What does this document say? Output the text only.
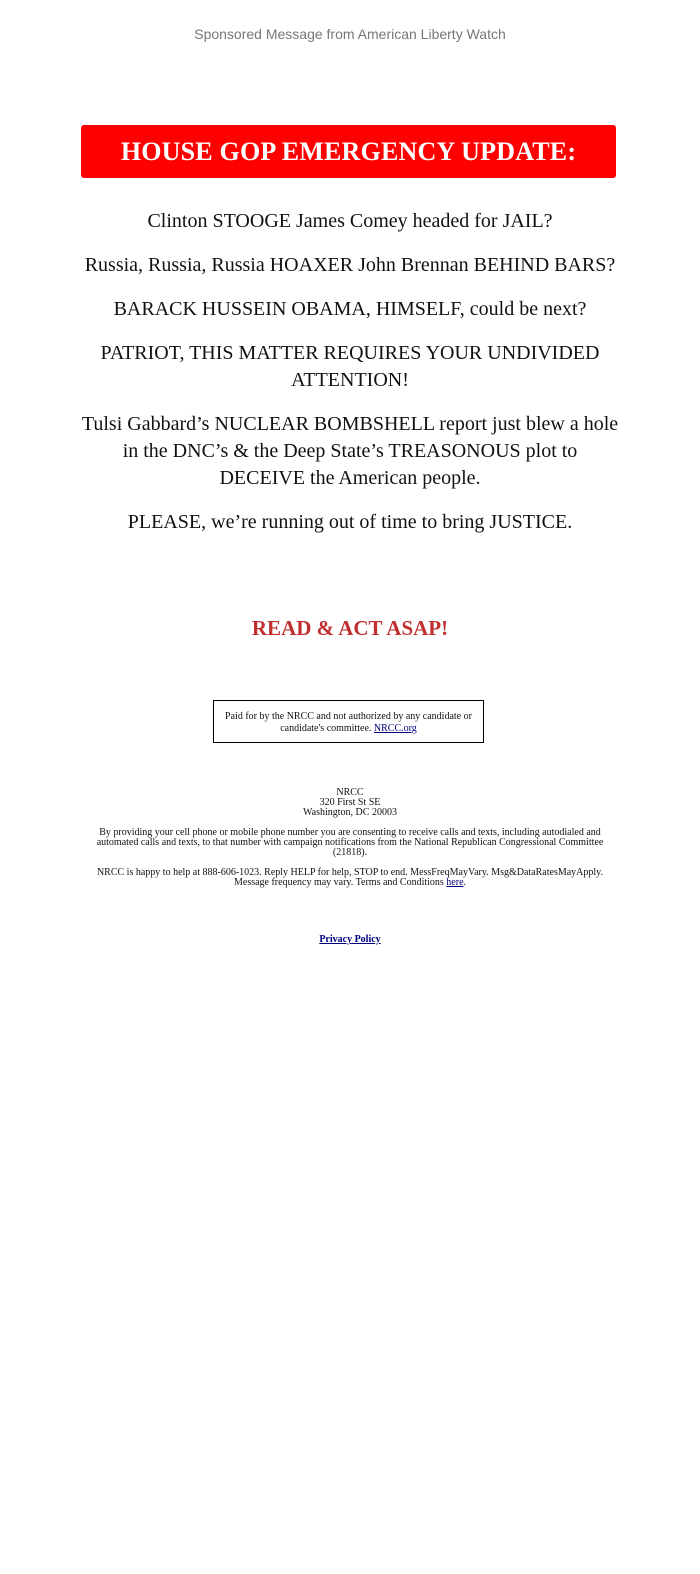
Sponsored Message from American Liberty Watch
HOUSE GOP EMERGENCY UPDATE:

Clinton STOOGE James Comey headed for JAIL?

Russia, Russia, Russia HOAXER John Brennan BEHIND BARS?

BARACK HUSSEIN OBAMA, HIMSELF, could be next?

PATRIOT, THIS MATTER REQUIRES YOUR UNDIVIDED ATTENTION!

Tulsi Gabbard’s NUCLEAR BOMBSHELL report just blew a hole in the DNC’s & the Deep State’s TREASONOUS plot to DECEIVE the American people.

PLEASE, we’re running out of time to bring JUSTICE.

READ & ACT ASAP!
Paid for by the NRCC and not authorized by any candidate or candidate's committee. NRCC.org
NRCC
320 First St SE
Washington, DC 20003

By providing your cell phone or mobile phone number you are consenting to receive calls and texts, including autodialed and automated calls and texts, to that number with campaign notifications from the National Republican Congressional Committee (21818).

NRCC is happy to help at 888-606-1023. Reply HELP for help, STOP to end. MessFreqMayVary. Msg&DataRatesMayApply. Message frequency may vary. Terms and Conditions here.

Privacy Policy
